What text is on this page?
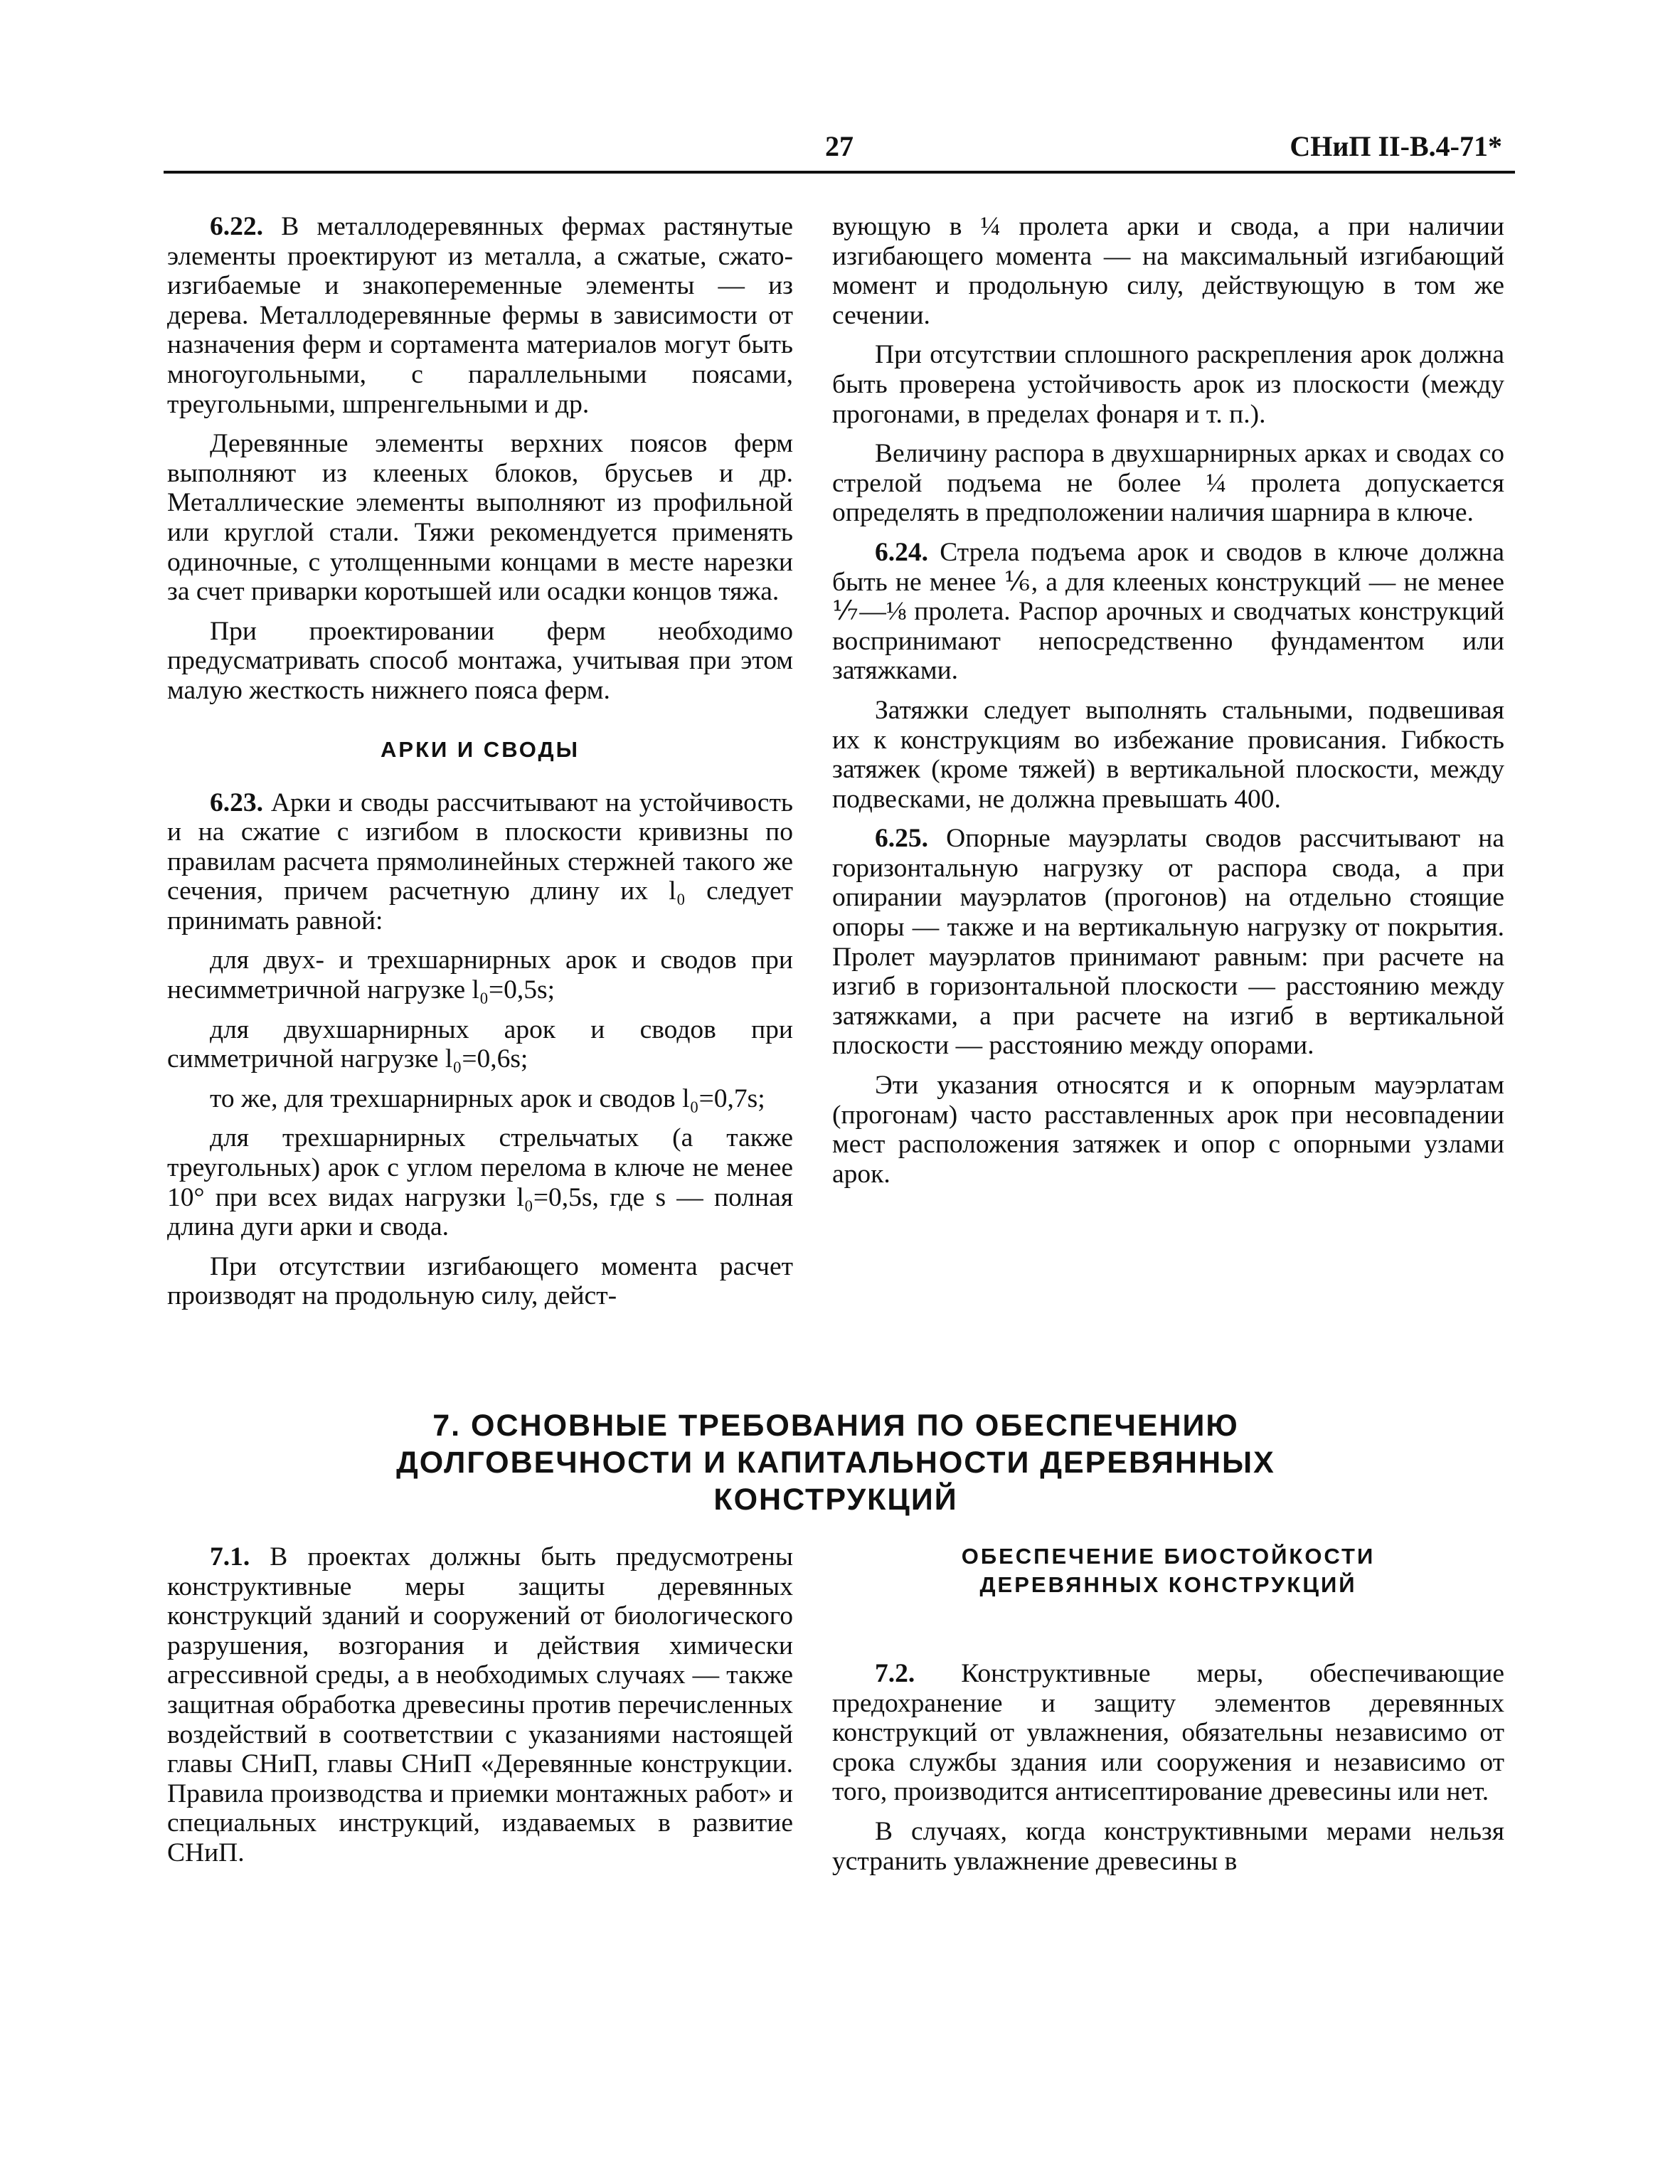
27	СНиП II-В.4-71*

6.22. В металлодеревянных фермах растянутые элементы проектируют из металла, а сжатые, сжато-изгибаемые и знакопеременные элементы — из дерева. Металлодеревянные фермы в зависимости от назначения ферм и сортамента материалов могут быть многоугольными, с параллельными поясами, треугольными, шпренгельными и др.

Деревянные элементы верхних поясов ферм выполняют из клееных блоков, брусьев и др. Металлические элементы выполняют из профильной или круглой стали. Тяжи рекомендуется применять одиночные, с утолщенными концами в месте нарезки за счет приварки коротышей или осадки концов тяжа.

При проектировании ферм необходимо предусматривать способ монтажа, учитывая при этом малую жесткость нижнего пояса ферм.

АРКИ И СВОДЫ

6.23. Арки и своды рассчитывают на устойчивость и на сжатие с изгибом в плоскости кривизны по правилам расчета прямолинейных стержней такого же сечения, причем расчетную длину их l₀ следует принимать равной:

для двух- и трехшарнирных арок и сводов при несимметричной нагрузке l₀=0,5s;

для двухшарнирных арок и сводов при симметричной нагрузке l₀=0,6s;

то же, для трехшарнирных арок и сводов l₀=0,7s;

для трехшарнирных стрельчатых (а также треугольных) арок с углом перелома в ключе не менее 10° при всех видах нагрузки l₀=0,5s, где s — полная длина дуги арки и свода.

При отсутствии изгибающего момента расчет производят на продольную силу, дейст-

вующую в ¼ пролета арки и свода, а при наличии изгибающего момента — на максимальный изгибающий момент и продольную силу, действующую в том же сечении.

При отсутствии сплошного раскрепления арок должна быть проверена устойчивость арок из плоскости (между прогонами, в пределах фонаря и т. п.).

Величину распора в двухшарнирных арках и сводах со стрелой подъема не более ¼ пролета допускается определять в предположении наличия шарнира в ключе.

6.24. Стрела подъема арок и сводов в ключе должна быть не менее ⅙, а для клееных конструкций — не менее ⅐—⅛ пролета. Распор арочных и сводчатых конструкций воспринимают непосредственно фундаментом или затяжками.

Затяжки следует выполнять стальными, подвешивая их к конструкциям во избежание провисания. Гибкость затяжек (кроме тяжей) в вертикальной плоскости, между подвесками, не должна превышать 400.

6.25. Опорные мауэрлаты сводов рассчитывают на горизонтальную нагрузку от распора свода, а при опирании мауэрлатов (прогонов) на отдельно стоящие опоры — также и на вертикальную нагрузку от покрытия. Пролет мауэрлатов принимают равным: при расчете на изгиб в горизонтальной плоскости — расстоянию между затяжками, а при расчете на изгиб в вертикальной плоскости — расстоянию между опорами.

Эти указания относятся и к опорным мауэрлатам (прогонам) часто расставленных арок при несовпадении мест расположения затяжек и опор с опорными узлами арок.

7. ОСНОВНЫЕ ТРЕБОВАНИЯ ПО ОБЕСПЕЧЕНИЮ
ДОЛГОВЕЧНОСТИ И КАПИТАЛЬНОСТИ ДЕРЕВЯННЫХ
КОНСТРУКЦИЙ

7.1. В проектах должны быть предусмотрены конструктивные меры защиты деревянных конструкций зданий и сооружений от биологического разрушения, возгорания и действия химически агрессивной среды, а в необходимых случаях — также защитная обработка древесины против перечисленных воздействий в соответствии с указаниями настоящей главы СНиП, главы СНиП «Деревянные конструкции. Правила производства и приемки монтажных работ» и специальных инструкций, издаваемых в развитие СНиП.

ОБЕСПЕЧЕНИЕ БИОСТОЙКОСТИ
ДЕРЕВЯННЫХ КОНСТРУКЦИЙ

7.2. Конструктивные меры, обеспечивающие предохранение и защиту элементов деревянных конструкций от увлажнения, обязательны независимо от срока службы здания или сооружения и независимо от того, производится антисептирование древесины или нет.

В случаях, когда конструктивными мерами нельзя устранить увлажнение древесины в
